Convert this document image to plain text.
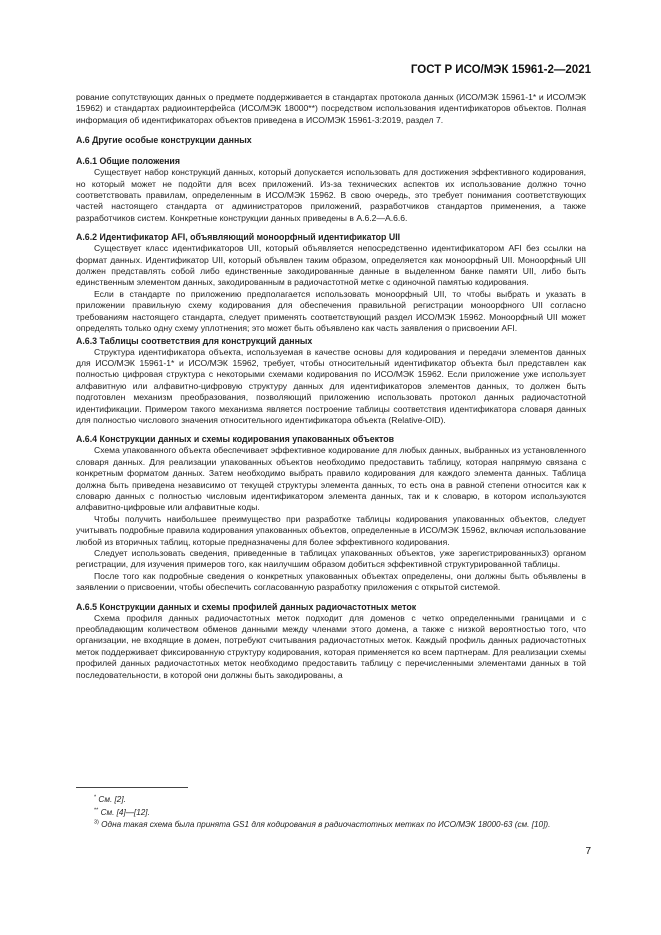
ГОСТ Р ИСО/МЭК 15961-2—2021

рование сопутствующих данных о предмете поддерживается в стандартах протокола данных (ИСО/МЭК 15961-1* и ИСО/МЭК 15962) и стандартах радиоинтерфейса (ИСО/МЭК 18000**) посредством использования идентификаторов объектов. Полная информация об идентификаторах объектов приведена в ИСО/МЭК 15961-3:2019, раздел 7.

А.6 Другие особые конструкции данных
А.6.1 Общие положения

Существует набор конструкций данных, который допускается использовать для достижения эффективного кодирования, но который может не подойти для всех приложений. Из-за технических аспектов их использование должно точно соответствовать правилам, определенным в ИСО/МЭК 15962. В свою очередь, это требует понимания соответствующих частей настоящего стандарта от администраторов приложений, разработчиков стандартов применения, а также разработчиков систем. Конкретные конструкции данных приведены в А.6.2—А.6.6.

А.6.2 Идентификатор AFI, объявляющий моноорфный идентификатор UII

Существует класс идентификаторов UII, который объявляется непосредственно идентификатором AFI без ссылки на формат данных. Идентификатор UII, который объявлен таким образом, определяется как моноорфный UII. Моноорфный UII должен представлять собой либо единственные закодированные данные в выделенном банке памяти UII, либо быть единственным элементом данных, закодированным в радиочастотной метке с одиночной памятью кодирования.

Если в стандарте по приложению предполагается использовать моноорфный UII, то чтобы выбрать и указать в приложении правильную схему кодирования для обеспечения правильной регистрации моноорфного UII согласно требованиям настоящего стандарта, следует применять соответствующий раздел ИСО/МЭК 15962. Моноорфный UII может определять только одну схему уплотнения; это может быть объявлено как часть заявления о присвоении AFI.

А.6.3 Таблицы соответствия для конструкций данных

Структура идентификатора объекта, используемая в качестве основы для кодирования и передачи элементов данных для ИСО/МЭК 15961-1* и ИСО/МЭК 15962, требует, чтобы относительный идентификатор объекта был представлен как полностью цифровая структура с некоторыми схемами кодирования по ИСО/МЭК 15962. Если приложение уже использует алфавитную или алфавитно-цифровую структуру данных для идентификаторов элементов данных, то должен быть подготовлен механизм преобразования, позволяющий приложению использовать протокол данных радиочастотной идентификации. Примером такого механизма является построение таблицы соответствия идентификатора словаря данных для полностью числового значения относительного идентификатора объекта (Relative-OID).

А.6.4 Конструкции данных и схемы кодирования упакованных объектов

Схема упакованного объекта обеспечивает эффективное кодирование для любых данных, выбранных из установленного словаря данных. Для реализации упакованных объектов необходимо предоставить таблицу, которая напрямую связана с конкретным форматом данных. Затем необходимо выбрать правило кодирования для каждого элемента данных. Таблица должна быть приведена независимо от текущей структуры элемента данных, то есть она в равной степени относится как к словарю данных с полностью числовым идентификатором элемента данных, так и к словарю, в котором используются алфавитно-цифровые или алфавитные коды.

Чтобы получить наибольшее преимущество при разработке таблицы кодирования упакованных объектов, следует учитывать подробные правила кодирования упакованных объектов, определенные в ИСО/МЭК 15962, включая использование любой из вторичных таблиц, которые предназначены для более эффективного кодирования.

Следует использовать сведения, приведенные в таблицах упакованных объектов, уже зарегистрированных3) органом регистрации, для изучения примеров того, как наилучшим образом добиться эффективной структурированной таблицы.

После того как подробные сведения о конкретных упакованных объектах определены, они должны быть объявлены в заявлении о присвоении, чтобы обеспечить согласованную разработку приложения с открытой системой.

А.6.5 Конструкции данных и схемы профилей данных радиочастотных меток

Схема профиля данных радиочастотных меток подходит для доменов с четко определенными границами и с преобладающим количеством обменов данными между членами этого домена, а также с низкой вероятностью того, что организации, не входящие в домен, потребуют считывания радиочастотных меток. Каждый профиль данных радиочастотных меток поддерживает фиксированную структуру кодирования, которая применяется ко всем партнерам. Для реализации схемы профилей данных радиочастотных меток необходимо предоставить таблицу с перечисленными элементами данных в той последовательности, в которой они должны быть закодированы, а

* См. [2].
** См. [4]—[12].
$^{3)}$ Одна такая схема была принята GS1 для кодирования в радиочастотных метках по ИСО/МЭК 18000-63 (см. [10]).
7
